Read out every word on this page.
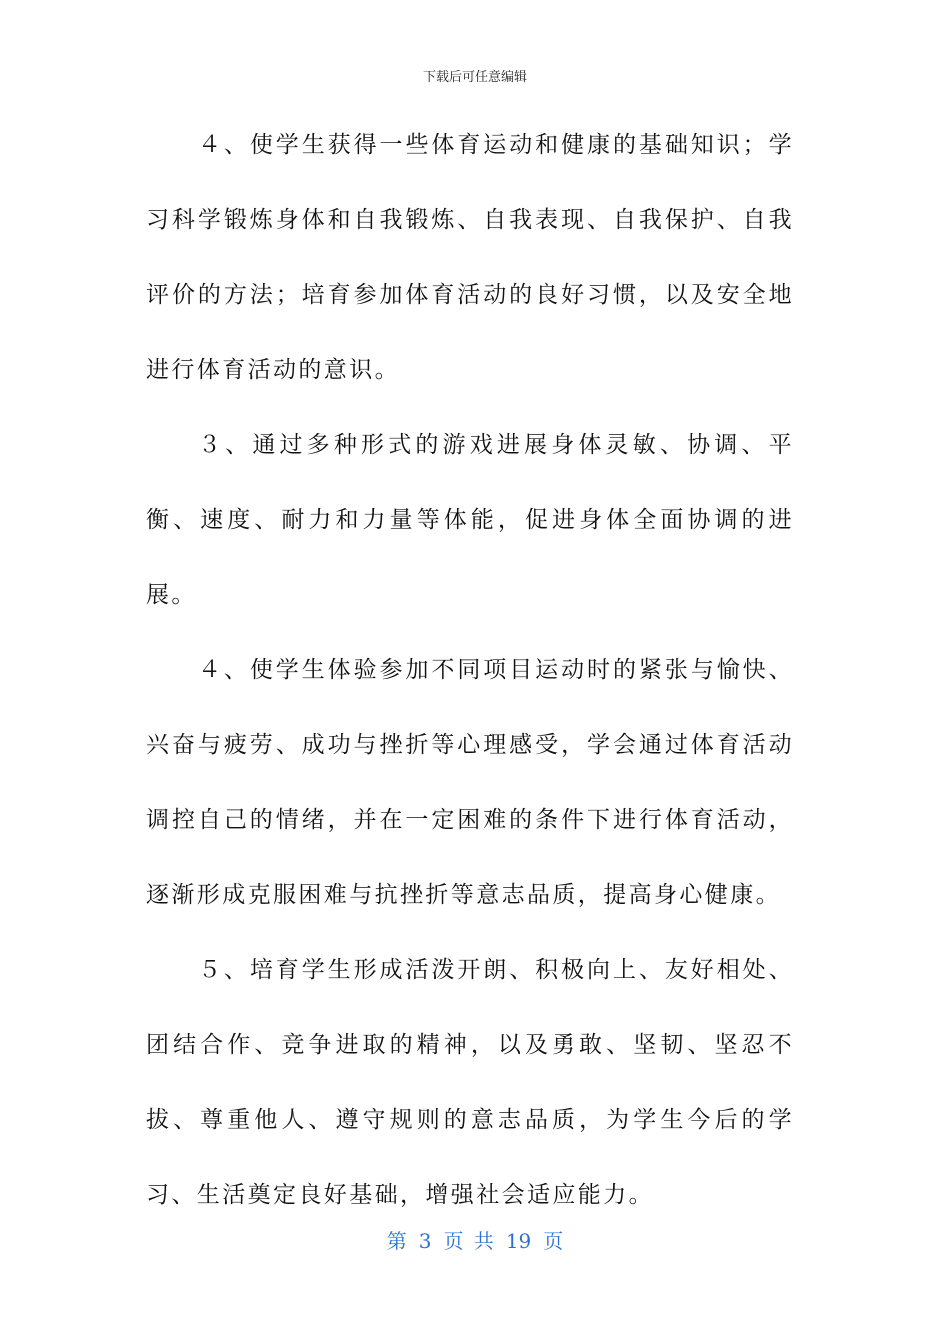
下载后可任意编辑

４、使学生获得一些体育运动和健康的基础知识；学习科学锻炼身体和自我锻炼、自我表现、自我保护、自我评价的方法；培育参加体育活动的良好习惯，以及安全地进行体育活动的意识。

３、通过多种形式的游戏进展身体灵敏、协调、平衡、速度、耐力和力量等体能，促进身体全面协调的进展。

４、使学生体验参加不同项目运动时的紧张与愉快、兴奋与疲劳、成功与挫折等心理感受，学会通过体育活动调控自己的情绪，并在一定困难的条件下进行体育活动，逐渐形成克服困难与抗挫折等意志品质，提高身心健康。

５、培育学生形成活泼开朗、积极向上、友好相处、团结合作、竞争进取的精神，以及勇敢、坚韧、坚忍不拔、尊重他人、遵守规则的意志品质，为学生今后的学习、生活奠定良好基础，增强社会适应能力。

第 3 页 共 19 页
